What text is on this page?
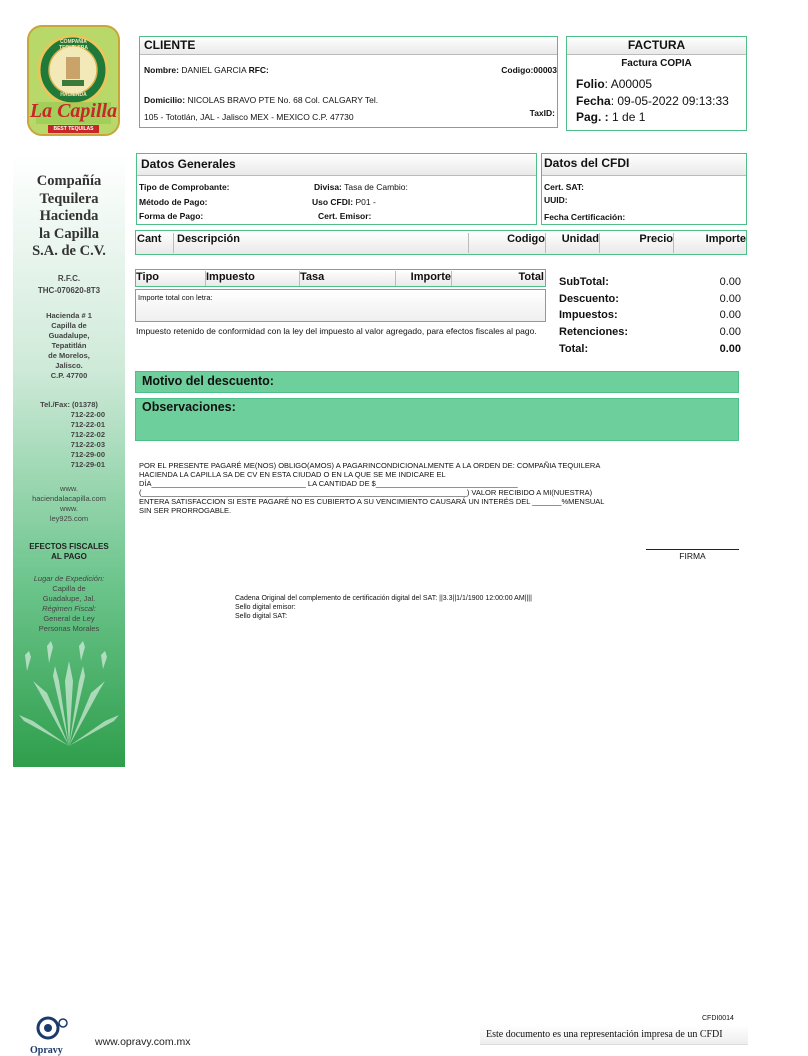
COMPAÑÍA TEQUILERA
HACIENDA
La Capilla
BEST TEQUILAS
CLIENTE
Nombre: DANIEL GARCIA RFC:	Codigo:00003
Domicilio: NICOLAS BRAVO PTE No. 68 Col. CALGARY Tel.
105 - Tototlán, JAL - Jalisco MEX - MEXICO C.P. 47730	TaxID:
FACTURA
Factura COPIA
Folio: A00005
Fecha: 09-05-2022 09:13:33
Pag. : 1 de 1
Compañía
Tequilera
Hacienda
la Capilla
S.A. de C.V.
R.F.C.
THC-070620-8T3
Hacienda # 1
Capilla de
Guadalupe,
Tepatitlán
de Morelos,
Jalisco.
C.P. 47700
Tel./Fax: (01378)
712-22-00
712-22-01
712-22-02
712-22-03
712-29-00
712-29-01
www.
haciendalacapilla.com
www.
ley925.com
EFECTOS FISCALES
AL PAGO
Lugar de Expedición:
Capilla de
Guadalupe, Jal.
Régimen Fiscal:
General de Ley
Personas Morales
Datos Generales
Tipo de Comprobante:	Divisa: Tasa de Cambio:
Método de Pago:	Uso CFDI: P01 -
Forma de Pago:	Cert. Emisor:
Datos del CFDI
Cert. SAT:
UUID:
Fecha Certificación:
Cant	Descripción	Codigo	Unidad	Precio	Importe
Tipo	Impuesto	Tasa	Importe	Total
Importe total con letra:
Impuesto retenido de conformidad con la ley del impuesto al valor agregado, para efectos fiscales al pago.
SubTotal:	0.00
Descuento:	0.00
Impuestos:	0.00
Retenciones:	0.00
Total:	0.00
Motivo del descuento:
Observaciones:
POR EL PRESENTE PAGARÉ ME(NOS) OBLIGO(AMOS) A PAGARINCONDICIONALMENTE A LA ORDEN DE: COMPAÑIA TEQUILERA
HACIENDA LA CAPILLA SA DE CV EN ESTA CIUDAD O EN LA QUE SE ME INDICARE EL
DÍA_____________________________________ LA CANTIDAD DE $__________________________________
(______________________________________________________________________________) VALOR RECIBIDO A MI(NUESTRA)
ENTERA SATISFACCION SI ESTE PAGARÉ NO ES CUBIERTO A SU VENCIMIENTO CAUSARÁ UN INTERÉS DEL _______%MENSUAL
SIN SER PRORROGABLE.
FIRMA
Cadena Original del complemento de certificación digital del SAT: ||3.3||1/1/1900 12:00:00 AM||||
Sello digital emisor:
Sello digital SAT:
Opravy
www.opravy.com.mx
CFDI0014
Este documento es una representación impresa de un CFDI
